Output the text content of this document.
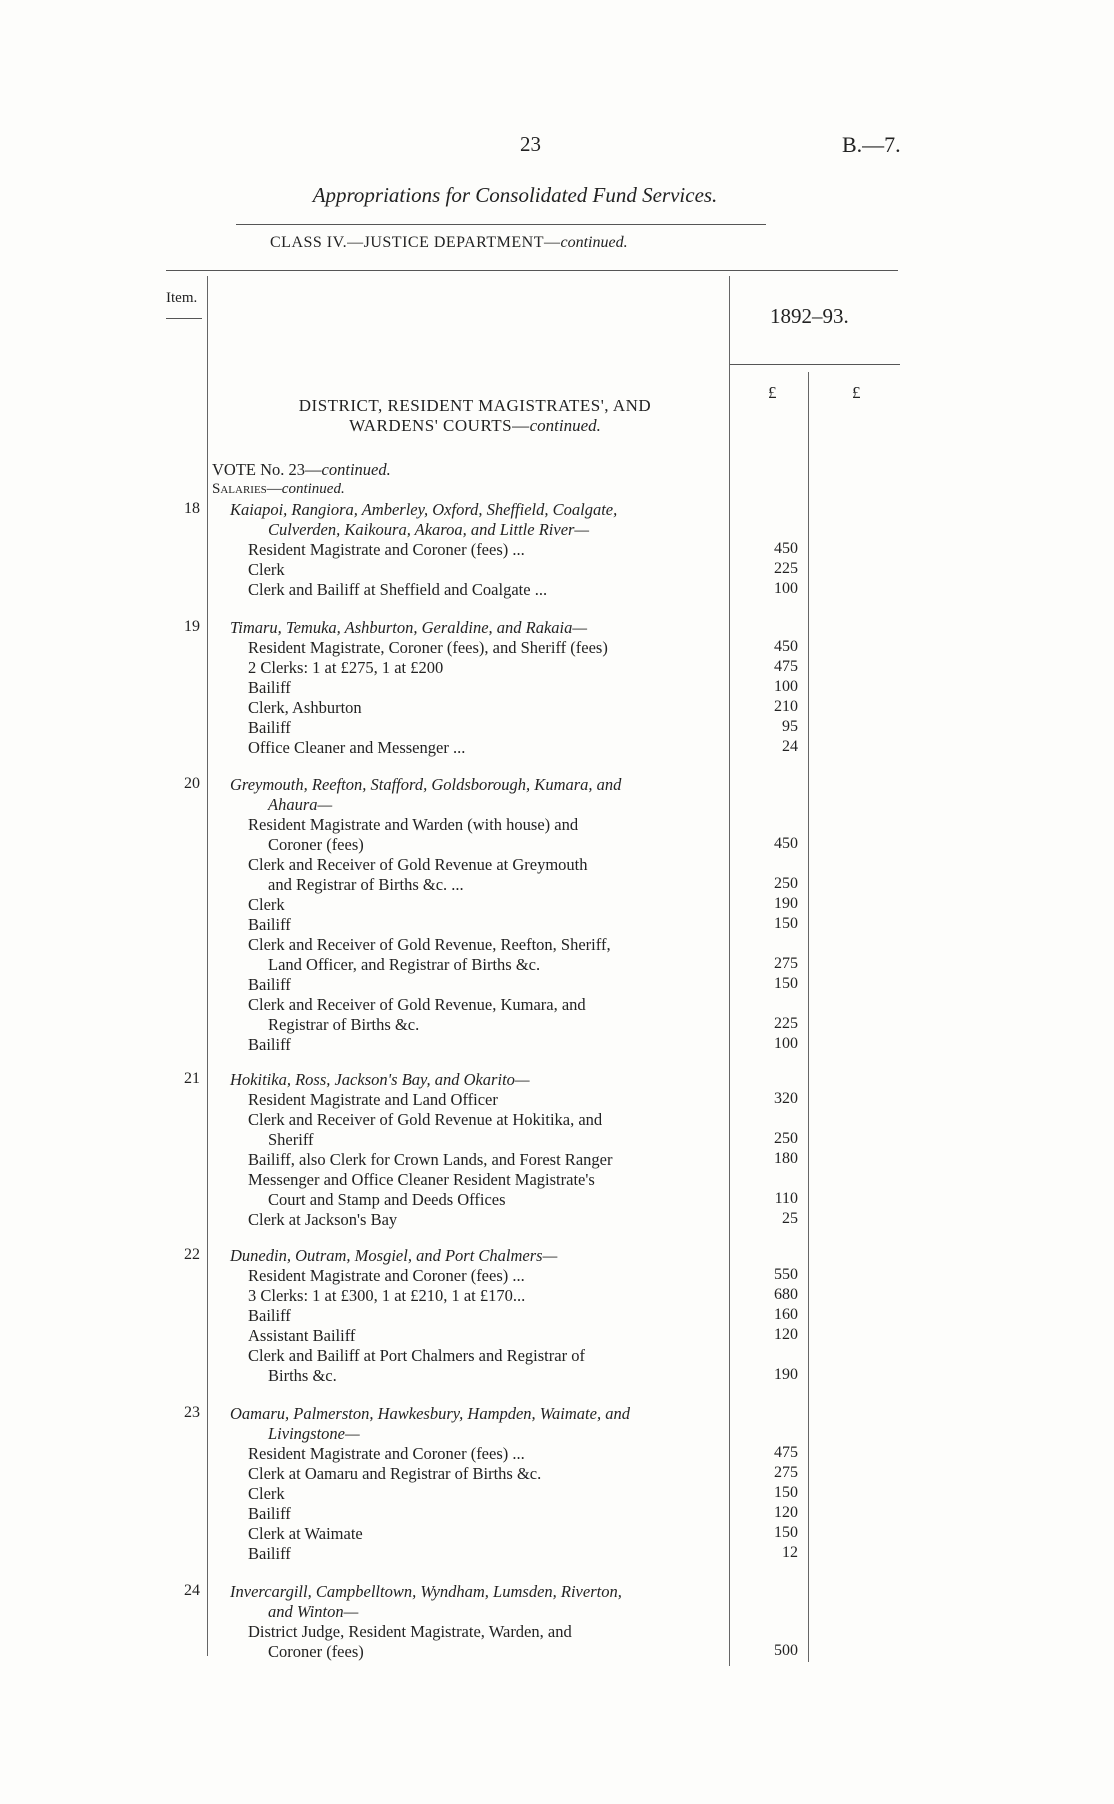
23	B.—7.
Appropriations for Consolidated Fund Services.
CLASS IV.—JUSTICE DEPARTMENT—continued.
Item.
1892–93.
£	£
DISTRICT, RESIDENT MAGISTRATES', AND
WARDENS' COURTS—continued.
VOTE No. 23—continued.
Salaries—continued.
18 Kaiapoi, Rangiora, Amberley, Oxford, Sheffield, Coalgate,
Culverden, Kaikoura, Akaroa, and Little River—
Resident Magistrate and Coroner (fees) ...	450
Clerk	225
Clerk and Bailiff at Sheffield and Coalgate ...	100
19 Timaru, Temuka, Ashburton, Geraldine, and Rakaia—
Resident Magistrate, Coroner (fees), and Sheriff (fees)	450
2 Clerks: 1 at £275, 1 at £200	475
Bailiff	100
Clerk, Ashburton	210
Bailiff	95
Office Cleaner and Messenger ...	24
20 Greymouth, Reefton, Stafford, Goldsborough, Kumara, and
Ahaura—
Resident Magistrate and Warden (with house) and
Coroner (fees)	450
Clerk and Receiver of Gold Revenue at Greymouth
and Registrar of Births &c. ...	250
Clerk	190
Bailiff	150
Clerk and Receiver of Gold Revenue, Reefton, Sheriff,
Land Officer, and Registrar of Births &c.	275
Bailiff	150
Clerk and Receiver of Gold Revenue, Kumara, and
Registrar of Births &c.	225
Bailiff	100
21 Hokitika, Ross, Jackson's Bay, and Okarito—
Resident Magistrate and Land Officer	320
Clerk and Receiver of Gold Revenue at Hokitika, and
Sheriff	250
Bailiff, also Clerk for Crown Lands, and Forest Ranger	180
Messenger and Office Cleaner Resident Magistrate's
Court and Stamp and Deeds Offices	110
Clerk at Jackson's Bay	25
22 Dunedin, Outram, Mosgiel, and Port Chalmers—
Resident Magistrate and Coroner (fees) ...	550
3 Clerks: 1 at £300, 1 at £210, 1 at £170...	680
Bailiff	160
Assistant Bailiff	120
Clerk and Bailiff at Port Chalmers and Registrar of
Births &c.	190
23 Oamaru, Palmerston, Hawkesbury, Hampden, Waimate, and
Livingstone—
Resident Magistrate and Coroner (fees) ...	475
Clerk at Oamaru and Registrar of Births &c.	275
Clerk	150
Bailiff	120
Clerk at Waimate	150
Bailiff	12
24 Invercargill, Campbelltown, Wyndham, Lumsden, Riverton,
and Winton—
District Judge, Resident Magistrate, Warden, and
Coroner (fees)	500
